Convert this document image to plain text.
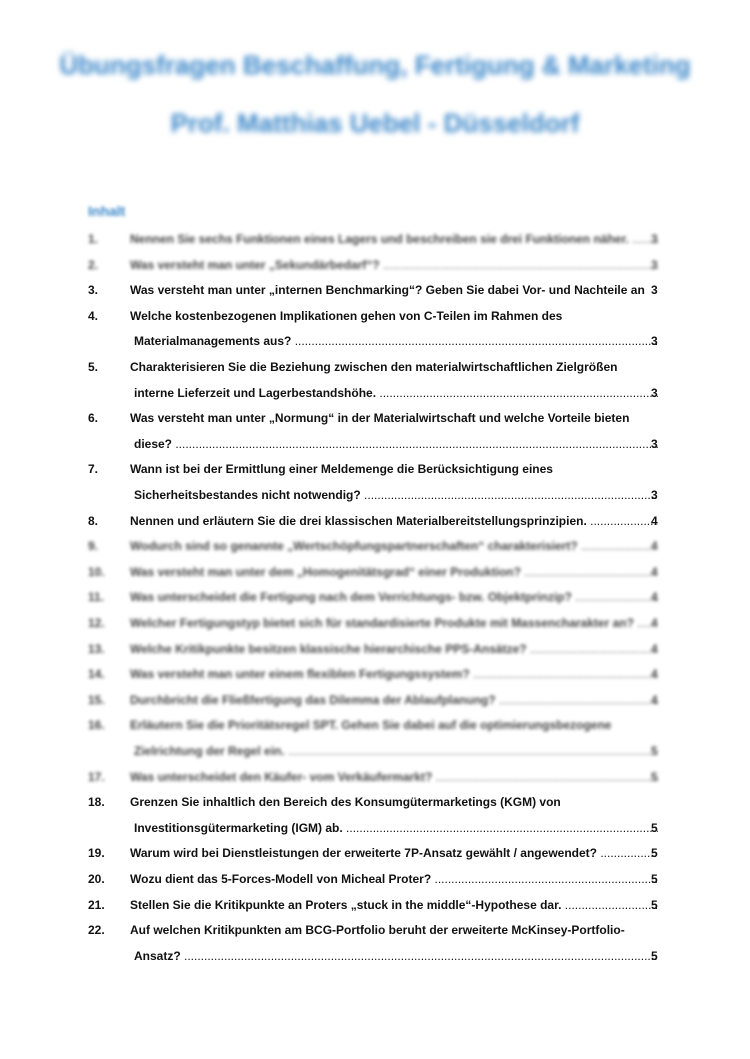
Übungsfragen Beschaffung, Fertigung & Marketing
Prof. Matthias Uebel - Düsseldorf
Inhalt
1.	Nennen Sie sechs Funktionen eines Lagers und beschreiben sie drei Funktionen näher. .....	3
2.	Was versteht man unter „Sekundärbedarf“? .....	3
3.	Was versteht man unter „internen Benchmarking“? Geben Sie dabei Vor- und Nachteile an 3
4.	Welche kostenbezogenen Implikationen gehen von C-Teilen im Rahmen des
Materialmanagements aus? .....	3
5.	Charakterisieren Sie die Beziehung zwischen den materialwirtschaftlichen Zielgrößen
interne Lieferzeit und Lagerbestandshöhe. .....	3
6.	Was versteht man unter „Normung“ in der Materialwirtschaft und welche Vorteile bieten
diese? .....	3
7.	Wann ist bei der Ermittlung einer Meldemenge die Berücksichtigung eines
Sicherheitsbestandes nicht notwendig? .....	3
8.	Nennen und erläutern Sie die drei klassischen Materialbereitstellungsprinzipien. .....	4
9.	Wodurch sind so genannte „Wertschöpfungspartnerschaften“ charakterisiert? .....	4
10. Was versteht man unter dem „Homogenitätsgrad“ einer Produktion? .....	4
11. Was unterscheidet die Fertigung nach dem Verrichtungs- bzw. Objektprinzip? .....	4
12. Welcher Fertigungstyp bietet sich für standardisierte Produkte mit Massencharakter an? .....	4
13. Welche Kritikpunkte besitzen klassische hierarchische PPS-Ansätze? .....	4
14. Was versteht man unter einem flexiblen Fertigungssystem? .....	4
15. Durchbricht die Fließfertigung das Dilemma der Ablaufplanung? .....	4
16. Erläutern Sie die Prioritätsregel SPT. Gehen Sie dabei auf die optimierungsbezogene
Zielrichtung der Regel ein. .....	5
17. Was unterscheidet den Käufer- vom Verkäufermarkt? .....	5
18. Grenzen Sie inhaltlich den Bereich des Konsumgütermarketings (KGM) von
Investitionsgütermarketing (IGM) ab. .....	5
19. Warum wird bei Dienstleistungen der erweiterte 7P-Ansatz gewählt / angewendet? .....	5
20. Wozu dient das 5-Forces-Modell von Micheal Proter? .....	5
21. Stellen Sie die Kritikpunkte an Proters „stuck in the middle“-Hypothese dar. .....	5
22. Auf welchen Kritikpunkten am BCG-Portfolio beruht der erweiterte McKinsey-Portfolio-
Ansatz? .....	5
